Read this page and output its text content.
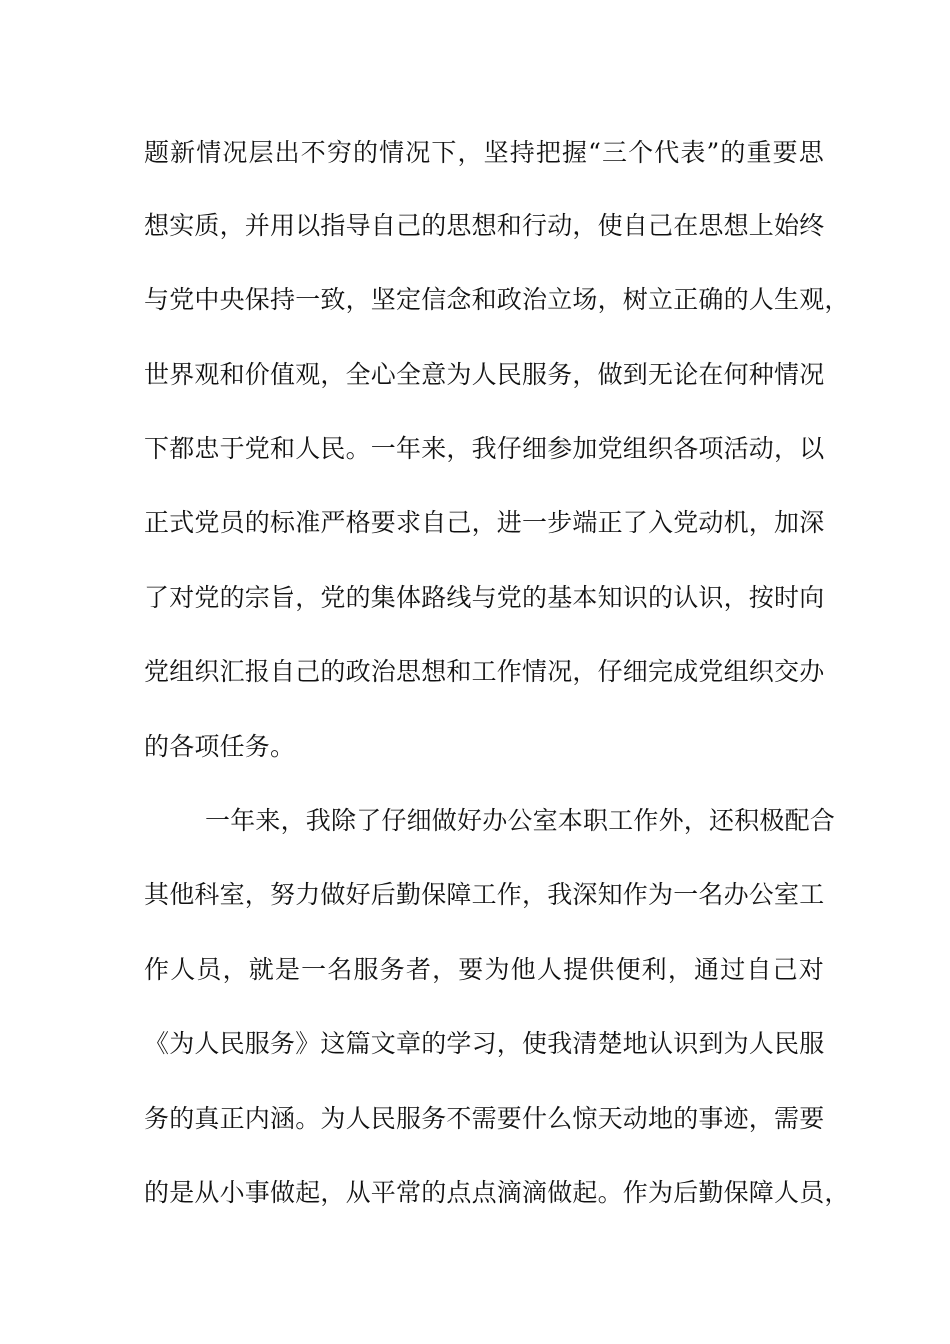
题新情况层出不穷的情况下，坚持把握“三个代表”的重要思
想实质，并用以指导自己的思想和行动，使自己在思想上始终
与党中央保持一致，坚定信念和政治立场，树立正确的人生观，
世界观和价值观，全心全意为人民服务，做到无论在何种情况
下都忠于党和人民。一年来，我仔细参加党组织各项活动，以
正式党员的标准严格要求自己，进一步端正了入党动机，加深
了对党的宗旨，党的集体路线与党的基本知识的认识，按时向
党组织汇报自己的政治思想和工作情况，仔细完成党组织交办
的各项任务。
一年来，我除了仔细做好办公室本职工作外，还积极配合
其他科室，努力做好后勤保障工作，我深知作为一名办公室工
作人员，就是一名服务者，要为他人提供便利，通过自己对
《为人民服务》这篇文章的学习，使我清楚地认识到为人民服
务的真正内涵。为人民服务不需要什么惊天动地的事迹，需要
的是从小事做起，从平常的点点滴滴做起。作为后勤保障人员，
